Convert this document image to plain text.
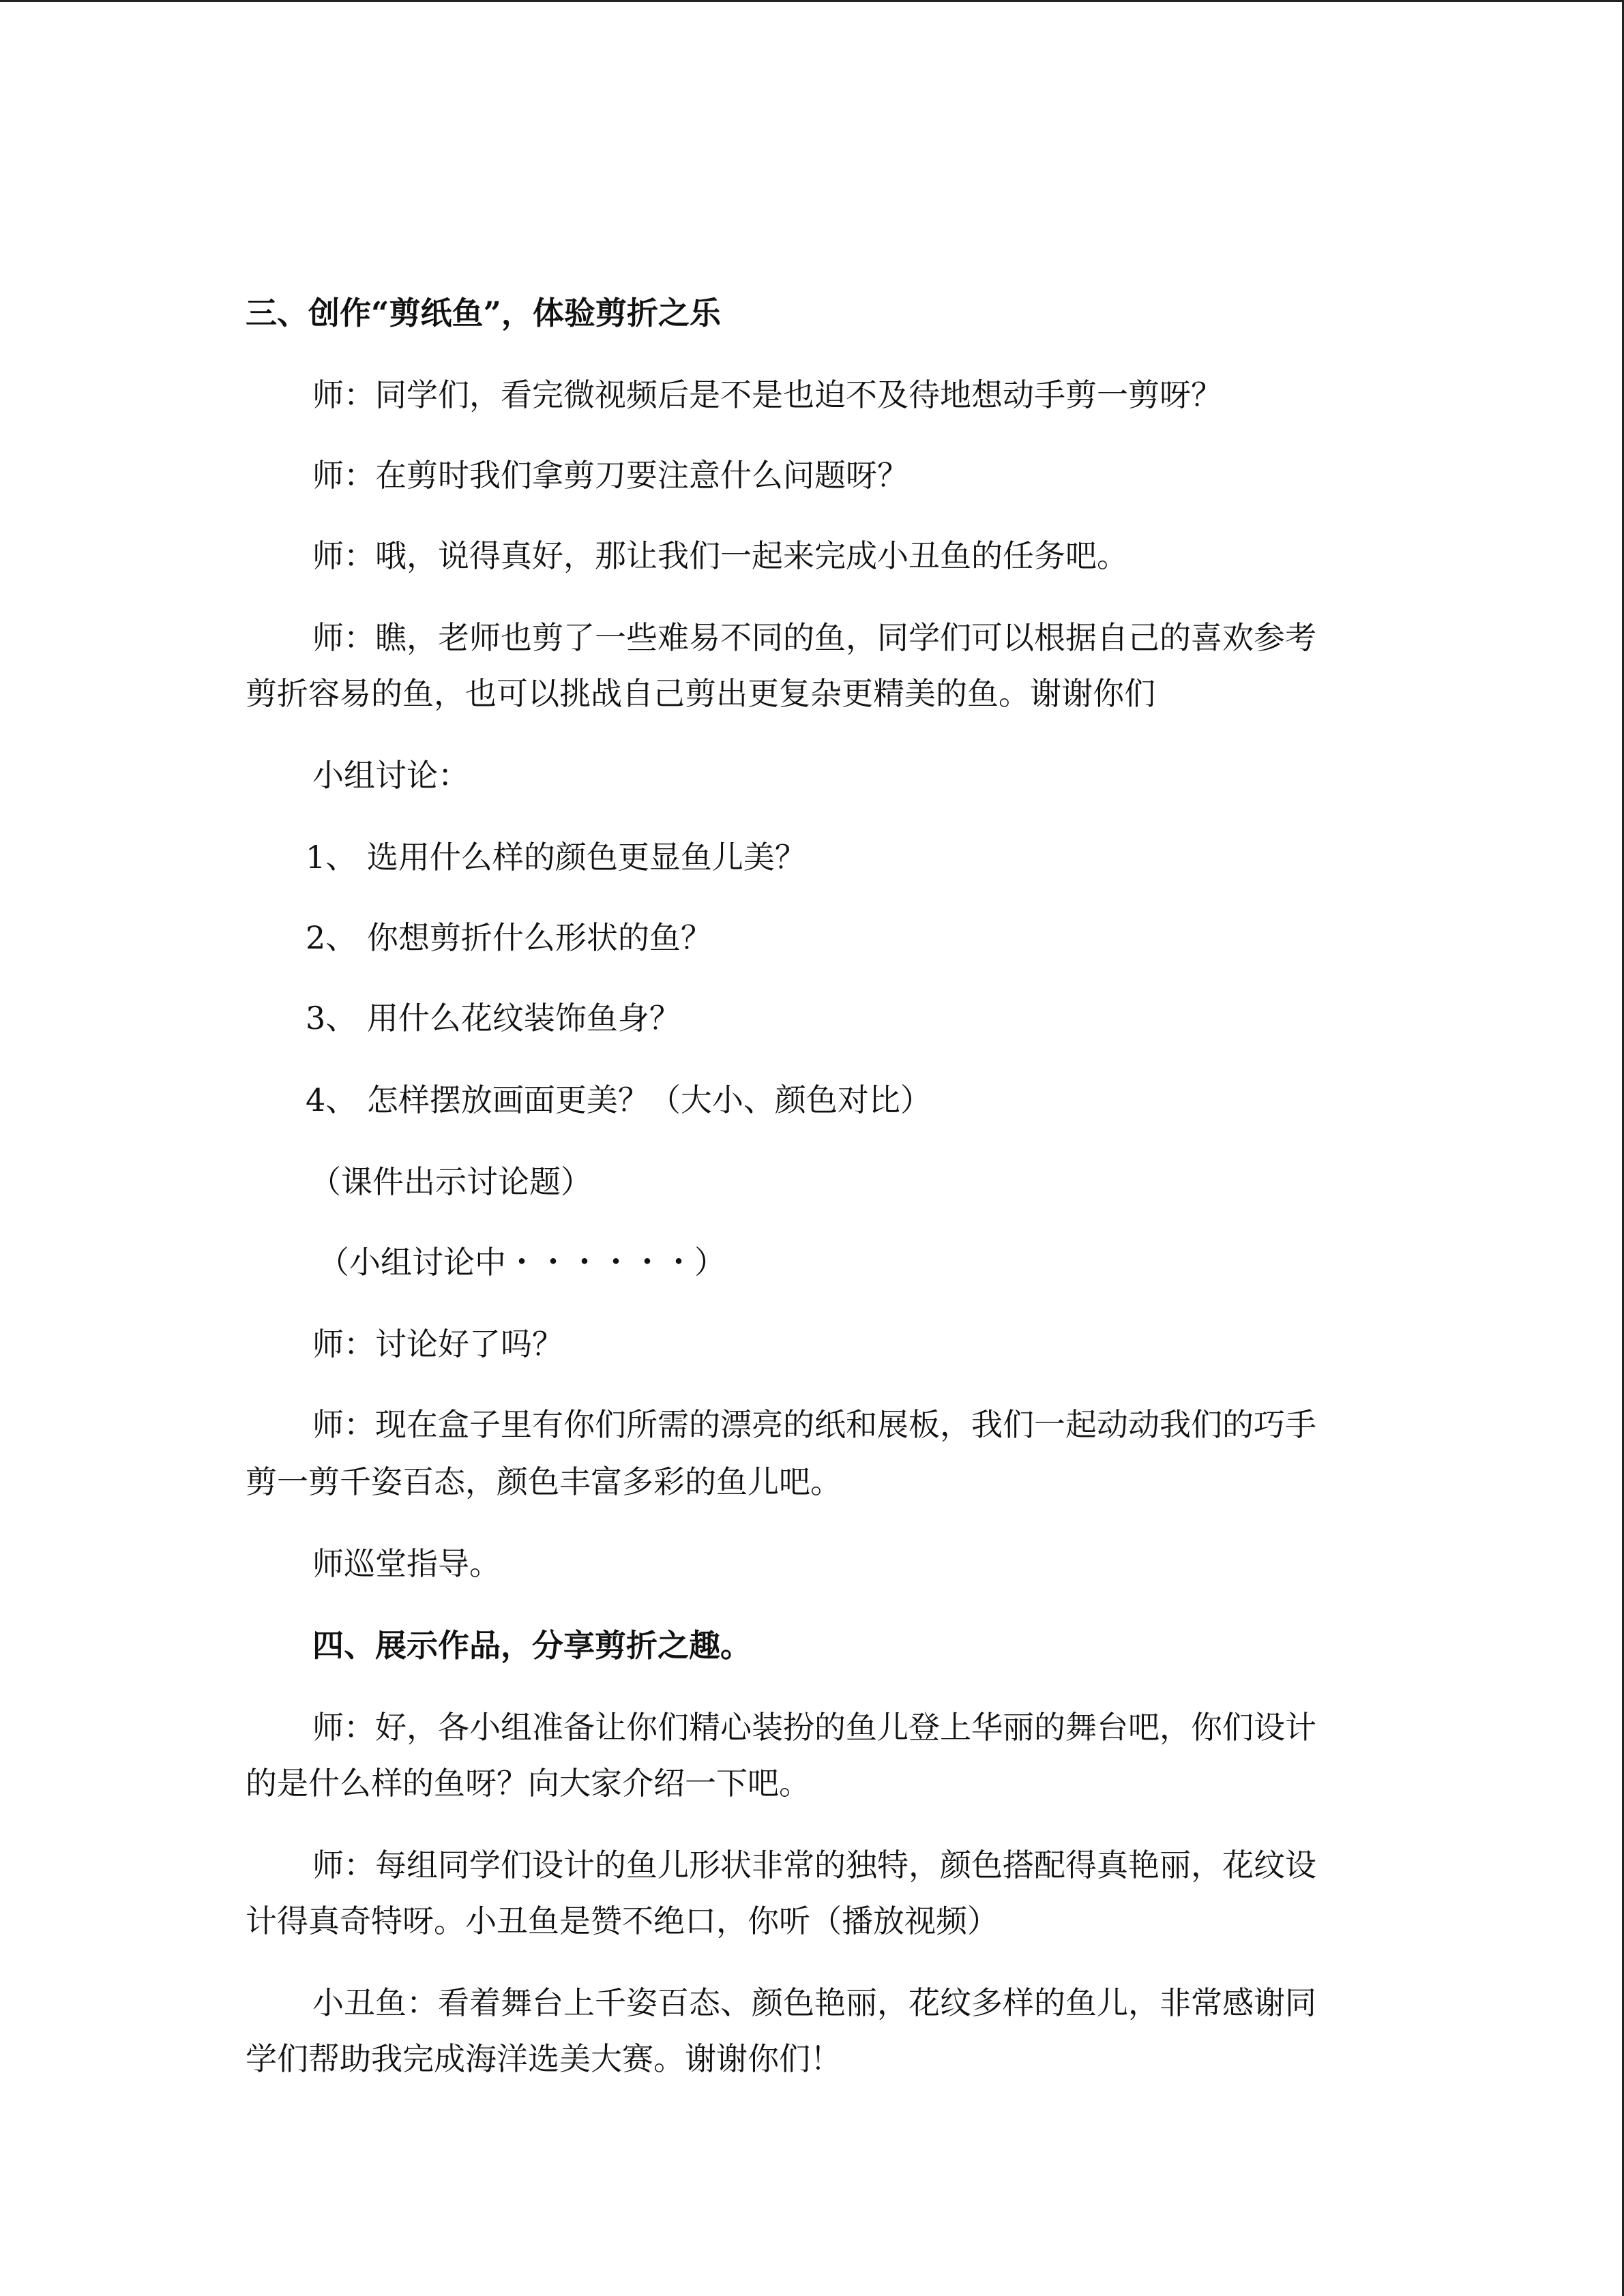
三、创作“剪纸鱼”，体验剪折之乐
师：同学们，看完微视频后是不是也迫不及待地想动手剪一剪呀？
师：在剪时我们拿剪刀要注意什么问题呀？
师：哦，说得真好，那让我们一起来完成小丑鱼的任务吧。
师：瞧，老师也剪了一些难易不同的鱼，同学们可以根据自己的喜欢参考
剪折容易的鱼，也可以挑战自己剪出更复杂更精美的鱼。谢谢你们
小组讨论：
1、 选用什么样的颜色更显鱼儿美？
2、 你想剪折什么形状的鱼？
3、 用什么花纹装饰鱼身？
4、 怎样摆放画面更美？（大小、颜色对比）
（课件出示讨论题）
（小组讨论中・・・・・・）
师：讨论好了吗？
师：现在盒子里有你们所需的漂亮的纸和展板，我们一起动动我们的巧手
剪一剪千姿百态，颜色丰富多彩的鱼儿吧。
师巡堂指导。
四、展示作品，分享剪折之趣。
师：好，各小组准备让你们精心装扮的鱼儿登上华丽的舞台吧，你们设计
的是什么样的鱼呀？向大家介绍一下吧。
师：每组同学们设计的鱼儿形状非常的独特，颜色搭配得真艳丽，花纹设
计得真奇特呀。小丑鱼是赞不绝口，你听（播放视频）
小丑鱼：看着舞台上千姿百态、颜色艳丽，花纹多样的鱼儿，非常感谢同
学们帮助我完成海洋选美大赛。谢谢你们！
